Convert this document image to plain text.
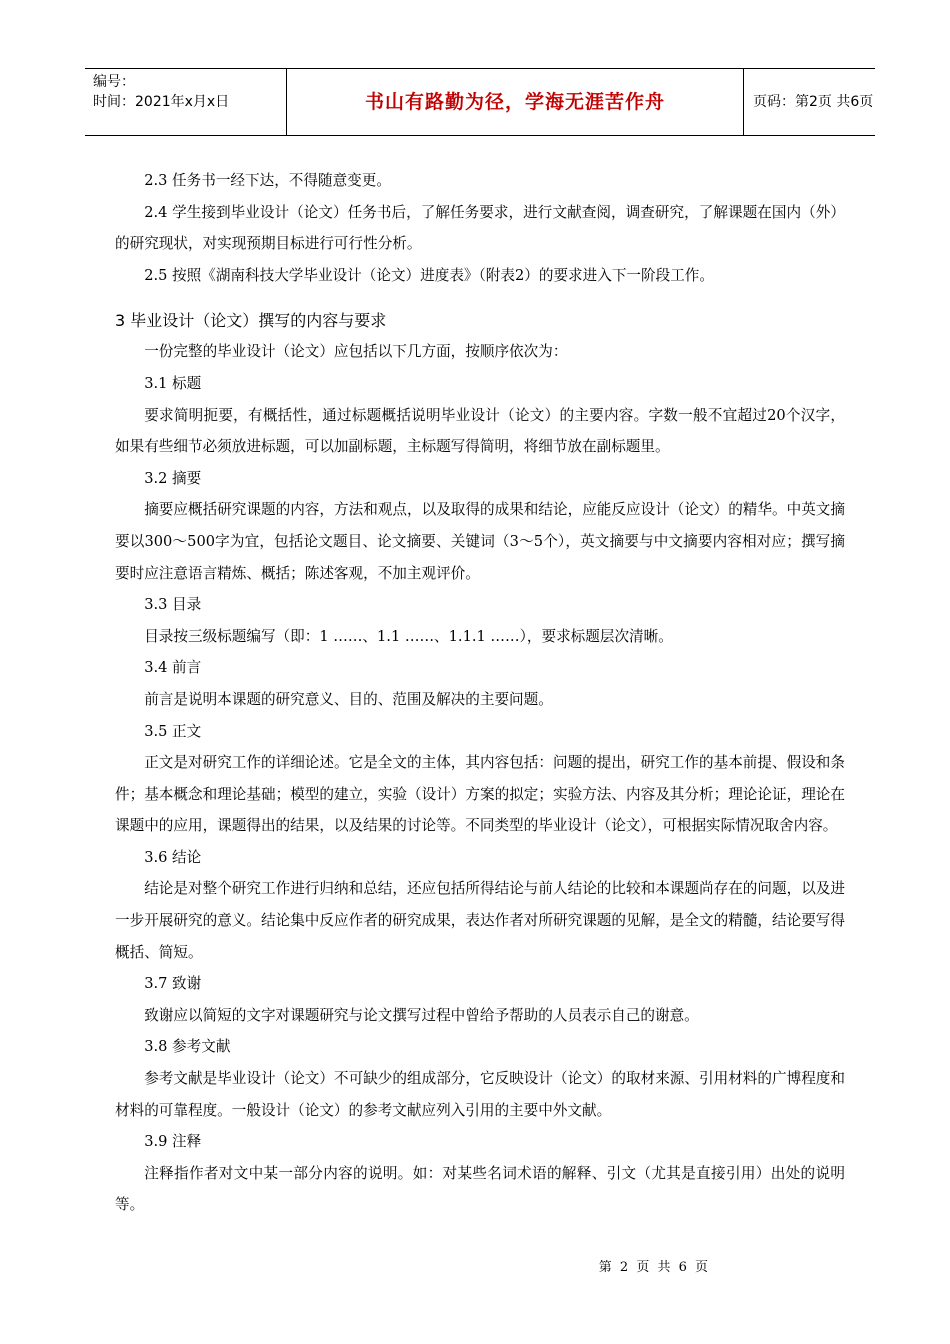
编号：
时间：2021年x月x日	书山有路勤为径，学海无涯苦作舟	页码：第2页 共6页

2.3 任务书一经下达，不得随意变更。

2.4 学生接到毕业设计（论文）任务书后，了解任务要求，进行文献查阅，调查研究，了解课题在国内（外）的研究现状，对实现预期目标进行可行性分析。

2.5 按照《湖南科技大学毕业设计（论文）进度表》（附表2）的要求进入下一阶段工作。

3 毕业设计（论文）撰写的内容与要求

一份完整的毕业设计（论文）应包括以下几方面，按顺序依次为：

3.1 标题

要求简明扼要，有概括性，通过标题概括说明毕业设计（论文）的主要内容。字数一般不宜超过20个汉字，如果有些细节必须放进标题，可以加副标题，主标题写得简明，将细节放在副标题里。

3.2 摘要

摘要应概括研究课题的内容，方法和观点，以及取得的成果和结论，应能反应设计（论文）的精华。中英文摘要以300～500字为宜，包括论文题目、论文摘要、关键词（3～5个），英文摘要与中文摘要内容相对应；撰写摘要时应注意语言精炼、概括；陈述客观，不加主观评价。

3.3 目录

目录按三级标题编写（即：1 ……、1.1 ……、1.1.1 ……），要求标题层次清晰。

3.4 前言

前言是说明本课题的研究意义、目的、范围及解决的主要问题。

3.5 正文

正文是对研究工作的详细论述。它是全文的主体，其内容包括：问题的提出，研究工作的基本前提、假设和条件；基本概念和理论基础；模型的建立，实验（设计）方案的拟定；实验方法、内容及其分析；理论论证，理论在课题中的应用，课题得出的结果，以及结果的讨论等。不同类型的毕业设计（论文），可根据实际情况取舍内容。

3.6 结论

结论是对整个研究工作进行归纳和总结，还应包括所得结论与前人结论的比较和本课题尚存在的问题，以及进一步开展研究的意义。结论集中反应作者的研究成果，表达作者对所研究课题的见解，是全文的精髓，结论要写得概括、简短。

3.7 致谢

致谢应以简短的文字对课题研究与论文撰写过程中曾给予帮助的人员表示自己的谢意。

3.8 参考文献

参考文献是毕业设计（论文）不可缺少的组成部分，它反映设计（论文）的取材来源、引用材料的广博程度和材料的可靠程度。一般设计（论文）的参考文献应列入引用的主要中外文献。

3.9 注释

注释指作者对文中某一部分内容的说明。如：对某些名词术语的解释、引文（尤其是直接引用）出处的说明等。

第 2 页 共 6 页
